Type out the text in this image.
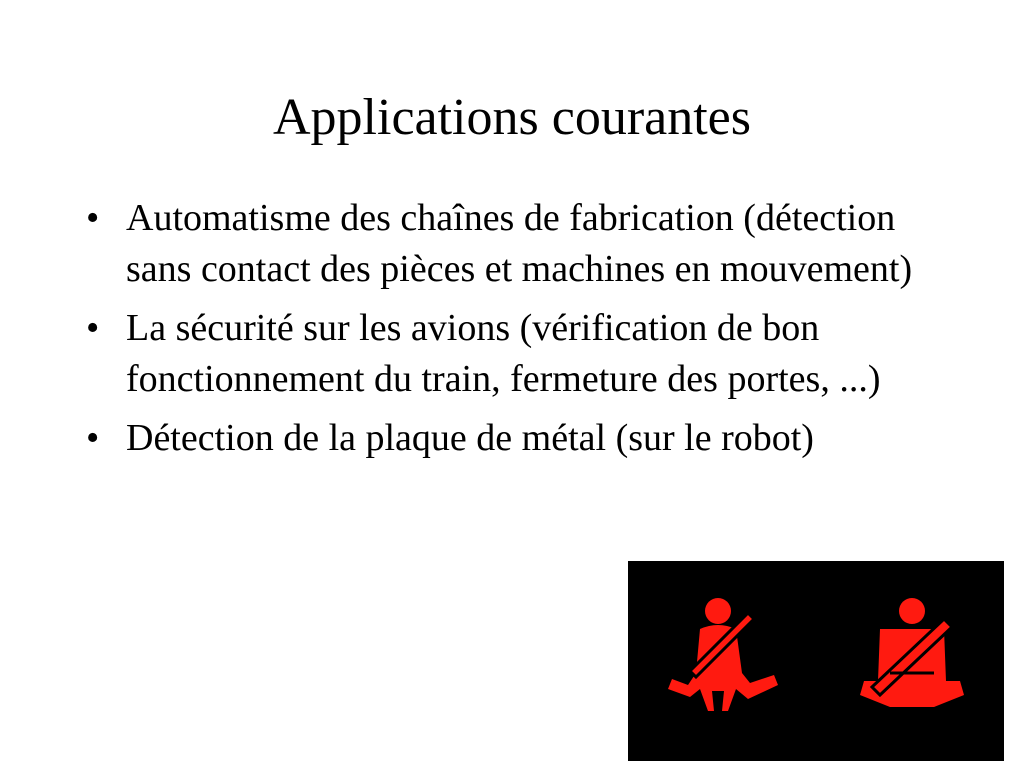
Applications courantes
• Automatisme des chaînes de fabrication (détection sans contact des pièces et machines en mouvement)
• La sécurité sur les avions (vérification de bon fonctionnement du train, fermeture des portes, ...)
• Détection de la plaque de métal (sur le robot)
